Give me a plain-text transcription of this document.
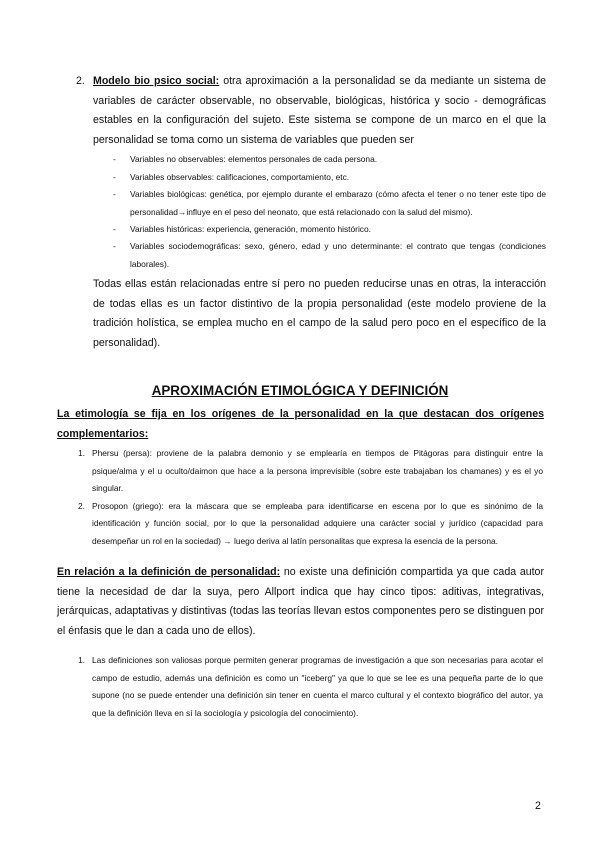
2. Modelo bio psico social: otra aproximación a la personalidad se da mediante un sistema de variables de carácter observable, no observable, biológicas, histórica y socio - demográficas estables en la configuración del sujeto. Este sistema se compone de un marco en el que la personalidad se toma como un sistema de variables que pueden ser
- Variables no observables: elementos personales de cada persona.
- Variables observables: calificaciones, comportamiento, etc.
- Variables biológicas: genética, por ejemplo durante el embarazo (cómo afecta el tener o no tener este tipo de personalidad→influye en el peso del neonato, que está relacionado con la salud del mismo).
- Variables históricas: experiencia, generación, momento histórico.
- Variables sociodemográficas: sexo, género, edad y uno determinante: el contrato que tengas (condiciones laborales).
Todas ellas están relacionadas entre sí pero no pueden reducirse unas en otras, la interacción de todas ellas es un factor distintivo de la propia personalidad (este modelo proviene de la tradición holística, se emplea mucho en el campo de la salud pero poco en el específico de la personalidad).
APROXIMACIÓN ETIMOLÓGICA Y DEFINICIÓN
La etimología se fija en los orígenes de la personalidad en la que destacan dos orígenes complementarios:
1. Phersu (persa): proviene de la palabra demonio y se emplearía en tiempos de Pitágoras para distinguir entre la psique/alma y el u oculto/daimon que hace a la persona imprevisible (sobre este trabajaban los chamanes) y es el yo singular.
2. Prosopon (griego): era la máscara que se empleaba para identificarse en escena por lo que es sinónimo de la identificación y función social, por lo que la personalidad adquiere una carácter social y jurídico (capacidad para desempeñar un rol en la sociedad) → luego deriva al latín personalitas que expresa la esencia de la persona.
En relación a la definición de personalidad: no existe una definición compartida ya que cada autor tiene la necesidad de dar la suya, pero Allport indica que hay cinco tipos: aditivas, integrativas, jerárquicas, adaptativas y distintivas (todas las teorías llevan estos componentes pero se distinguen por el énfasis que le dan a cada uno de ellos).
1. Las definiciones son valiosas porque permiten generar programas de investigación a que son necesarias para acotar el campo de estudio, además una definición es como un "iceberg" ya que lo que se lee es una pequeña parte de lo que supone (no se puede entender una definición sin tener en cuenta el marco cultural y el contexto biográfico del autor, ya que la definición lleva en sí la sociología y psicología del conocimiento).
2
